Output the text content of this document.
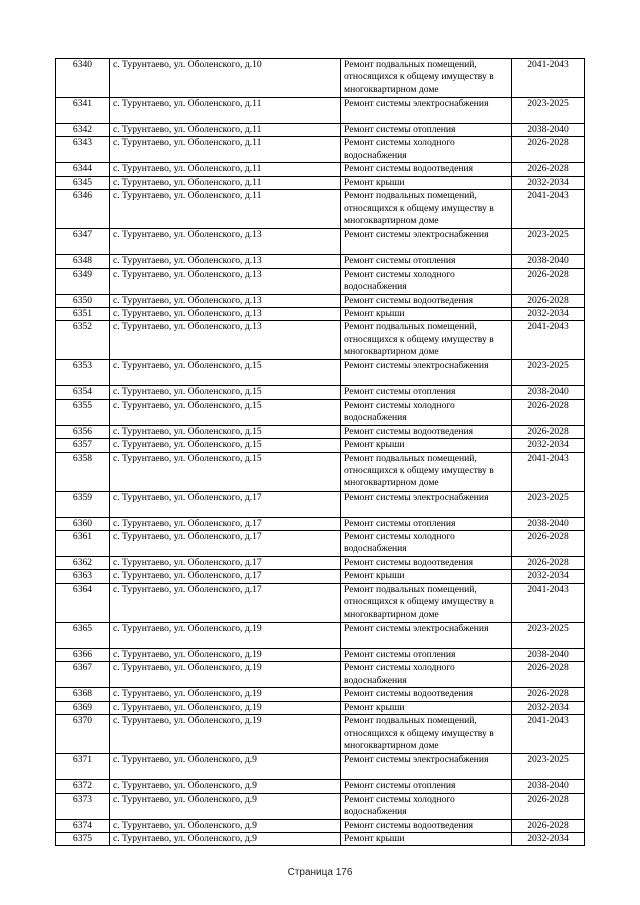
6340	с. Турунтаево, ул. Оболенского, д.10	Ремонт подвальных помещений, относящихся к общему имуществу в многоквартирном доме	2041-2043
6341	с. Турунтаево, ул. Оболенского, д.11	Ремонт системы электроснабжения	2023-2025
6342	с. Турунтаево, ул. Оболенского, д.11	Ремонт системы отопления	2038-2040
6343	с. Турунтаево, ул. Оболенского, д.11	Ремонт системы холодного водоснабжения	2026-2028
6344	с. Турунтаево, ул. Оболенского, д.11	Ремонт системы водоотведения	2026-2028
6345	с. Турунтаево, ул. Оболенского, д.11	Ремонт крыши	2032-2034
6346	с. Турунтаево, ул. Оболенского, д.11	Ремонт подвальных помещений, относящихся к общему имуществу в многоквартирном доме	2041-2043
6347	с. Турунтаево, ул. Оболенского, д.13	Ремонт системы электроснабжения	2023-2025
6348	с. Турунтаево, ул. Оболенского, д.13	Ремонт системы отопления	2038-2040
6349	с. Турунтаево, ул. Оболенского, д.13	Ремонт системы холодного водоснабжения	2026-2028
6350	с. Турунтаево, ул. Оболенского, д.13	Ремонт системы водоотведения	2026-2028
6351	с. Турунтаево, ул. Оболенского, д.13	Ремонт крыши	2032-2034
6352	с. Турунтаево, ул. Оболенского, д.13	Ремонт подвальных помещений, относящихся к общему имуществу в многоквартирном доме	2041-2043
6353	с. Турунтаево, ул. Оболенского, д.15	Ремонт системы электроснабжения	2023-2025
6354	с. Турунтаево, ул. Оболенского, д.15	Ремонт системы отопления	2038-2040
6355	с. Турунтаево, ул. Оболенского, д.15	Ремонт системы холодного водоснабжения	2026-2028
6356	с. Турунтаево, ул. Оболенского, д.15	Ремонт системы водоотведения	2026-2028
6357	с. Турунтаево, ул. Оболенского, д.15	Ремонт крыши	2032-2034
6358	с. Турунтаево, ул. Оболенского, д.15	Ремонт подвальных помещений, относящихся к общему имуществу в многоквартирном доме	2041-2043
6359	с. Турунтаево, ул. Оболенского, д.17	Ремонт системы электроснабжения	2023-2025
6360	с. Турунтаево, ул. Оболенского, д.17	Ремонт системы отопления	2038-2040
6361	с. Турунтаево, ул. Оболенского, д.17	Ремонт системы холодного водоснабжения	2026-2028
6362	с. Турунтаево, ул. Оболенского, д.17	Ремонт системы водоотведения	2026-2028
6363	с. Турунтаево, ул. Оболенского, д.17	Ремонт крыши	2032-2034
6364	с. Турунтаево, ул. Оболенского, д.17	Ремонт подвальных помещений, относящихся к общему имуществу в многоквартирном доме	2041-2043
6365	с. Турунтаево, ул. Оболенского, д.19	Ремонт системы электроснабжения	2023-2025
6366	с. Турунтаево, ул. Оболенского, д.19	Ремонт системы отопления	2038-2040
6367	с. Турунтаево, ул. Оболенского, д.19	Ремонт системы холодного водоснабжения	2026-2028
6368	с. Турунтаево, ул. Оболенского, д.19	Ремонт системы водоотведения	2026-2028
6369	с. Турунтаево, ул. Оболенского, д.19	Ремонт крыши	2032-2034
6370	с. Турунтаево, ул. Оболенского, д.19	Ремонт подвальных помещений, относящихся к общему имуществу в многоквартирном доме	2041-2043
6371	с. Турунтаево, ул. Оболенского, д.9	Ремонт системы электроснабжения	2023-2025
6372	с. Турунтаево, ул. Оболенского, д.9	Ремонт системы отопления	2038-2040
6373	с. Турунтаево, ул. Оболенского, д.9	Ремонт системы холодного водоснабжения	2026-2028
6374	с. Турунтаево, ул. Оболенского, д.9	Ремонт системы водоотведения	2026-2028
6375	с. Турунтаево, ул. Оболенского, д.9	Ремонт крыши	2032-2034
Страница 176
